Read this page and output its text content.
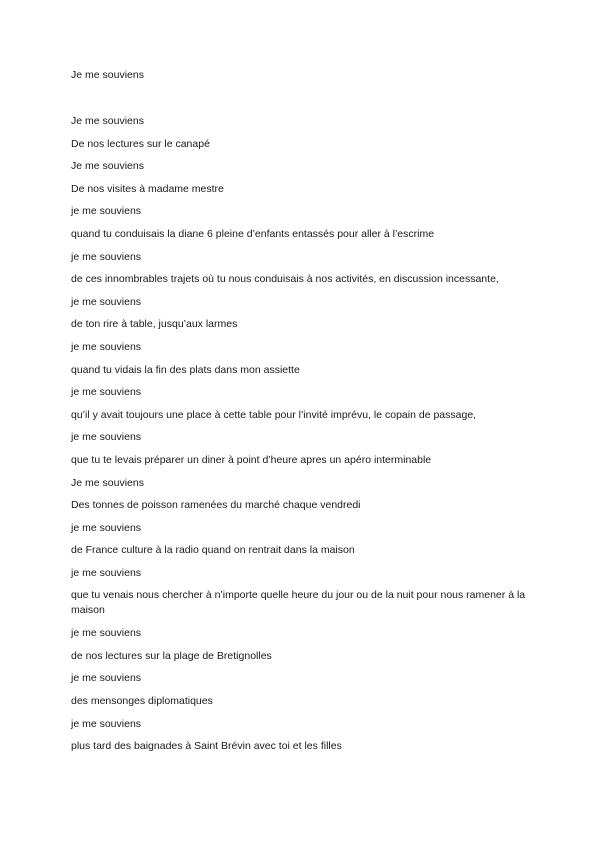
Je me souviens
Je me souviens
De nos lectures sur le canapé
Je me souviens
De nos visites à madame mestre
je me souviens
quand tu conduisais la diane 6 pleine d’enfants entassés pour aller à l’escrime
je me souviens
de ces innombrables trajets où tu nous conduisais à nos activités, en discussion incessante,
je me souviens
de ton rire à table, jusqu’aux larmes
je me souviens
quand tu vidais la fin des plats dans mon assiette
je me souviens
qu’il y avait toujours une place à cette table pour l’invité imprévu, le copain de passage,
je me souviens
que tu te levais préparer un diner à point d’heure apres un apéro interminable
Je me souviens
Des tonnes de poisson ramenées du marché chaque vendredi
je me souviens
de France culture à la radio quand on rentrait dans la maison
je me souviens
que tu venais nous chercher à n’importe quelle heure du jour ou de la nuit pour nous ramener à la maison
je me souviens
de nos lectures sur la plage de Bretignolles
je me souviens
des mensonges diplomatiques
je me souviens
plus tard des baignades à Saint Brévin avec toi et les filles
